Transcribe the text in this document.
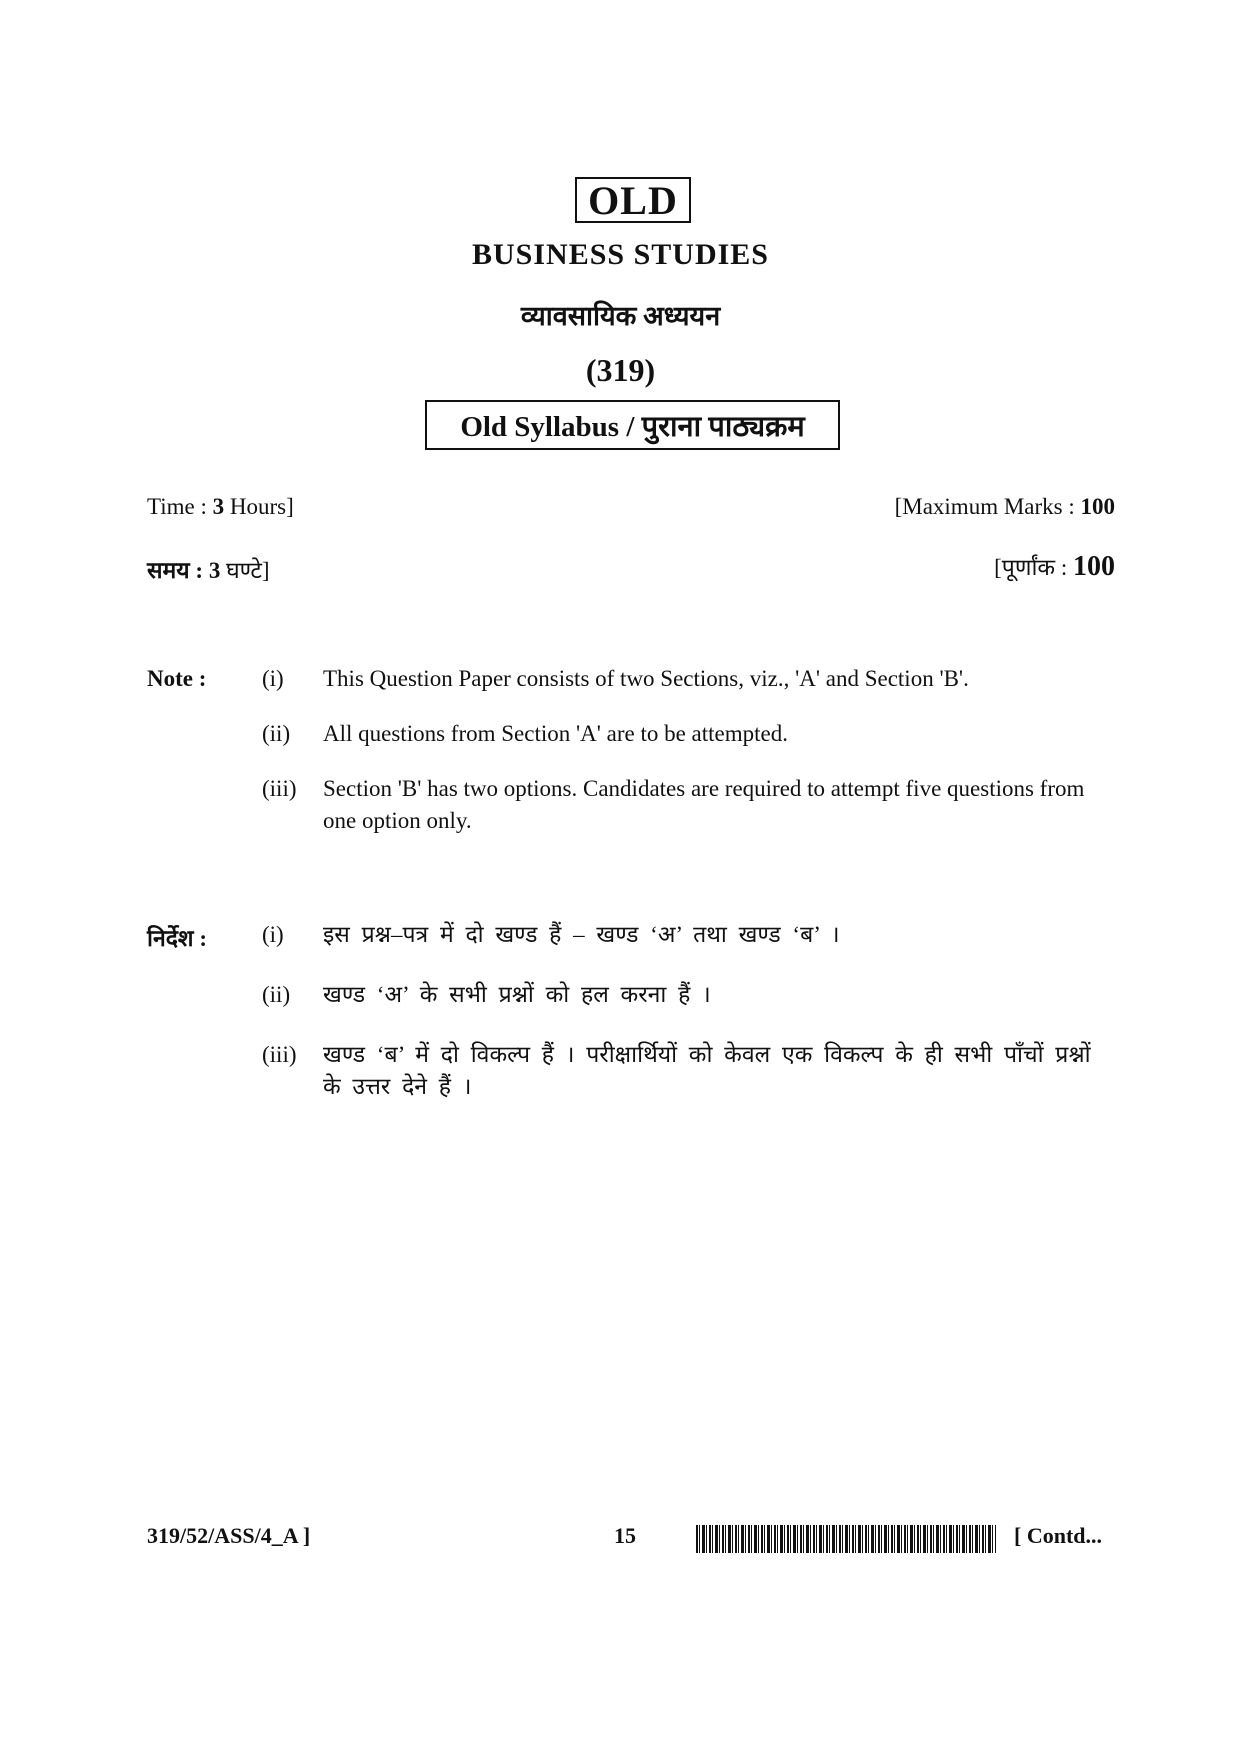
OLD
BUSINESS STUDIES
व्यावसायिक अध्ययन
(319)
Old Syllabus / पुराना पाठ्यक्रम
Time : 3 Hours]	[Maximum Marks : 100
समय : 3 घण्टे]	[पूर्णांक : 100
Note : (i) This Question Paper consists of two Sections, viz., 'A' and Section 'B'.
(ii) All questions from Section 'A' are to be attempted.
(iii) Section 'B' has two options. Candidates are required to attempt five questions from one option only.
निर्देश : (i) इस प्रश्न–पत्र में दो खण्ड हैं – खण्ड ‘अ’ तथा खण्ड ‘ब’ ।
(ii) खण्ड ‘अ’ के सभी प्रश्नों को हल करना हैं ।
(iii) खण्ड ‘ब’ में दो विकल्प हैं । परीक्षार्थियों को केवल एक विकल्प के ही सभी पाँचों प्रश्नों के उत्तर देने हैं ।
319/52/ASS/4_A ]	15	[ Contd...
